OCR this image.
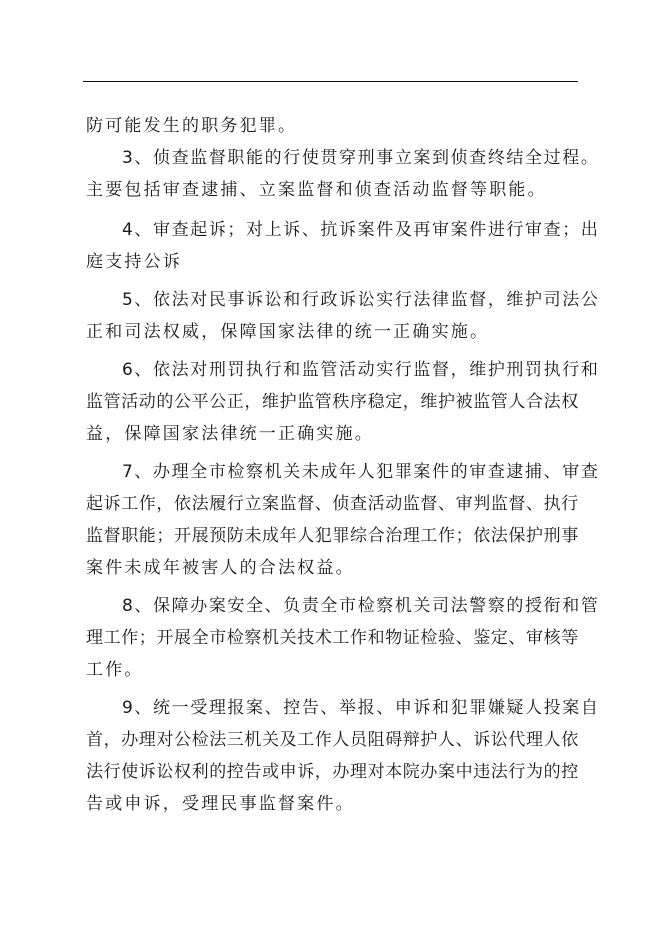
防可能发生的职务犯罪。
3、侦查监督职能的行使贯穿刑事立案到侦查终结全过程。
主要包括审查逮捕、立案监督和侦查活动监督等职能。
4、审查起诉；对上诉、抗诉案件及再审案件进行审查；出
庭支持公诉
5、依法对民事诉讼和行政诉讼实行法律监督，维护司法公
正和司法权威，保障国家法律的统一正确实施。
6、依法对刑罚执行和监管活动实行监督，维护刑罚执行和
监管活动的公平公正，维护监管秩序稳定，维护被监管人合法权
益，保障国家法律统一正确实施。
7、办理全市检察机关未成年人犯罪案件的审查逮捕、审查
起诉工作，依法履行立案监督、侦查活动监督、审判监督、执行
监督职能；开展预防未成年人犯罪综合治理工作；依法保护刑事
案件未成年被害人的合法权益。
8、保障办案安全、负责全市检察机关司法警察的授衔和管
理工作；开展全市检察机关技术工作和物证检验、鉴定、审核等
工作。
9、统一受理报案、控告、举报、申诉和犯罪嫌疑人投案自
首，办理对公检法三机关及工作人员阻碍辩护人、诉讼代理人依
法行使诉讼权利的控告或申诉，办理对本院办案中违法行为的控
告或申诉，受理民事监督案件。
